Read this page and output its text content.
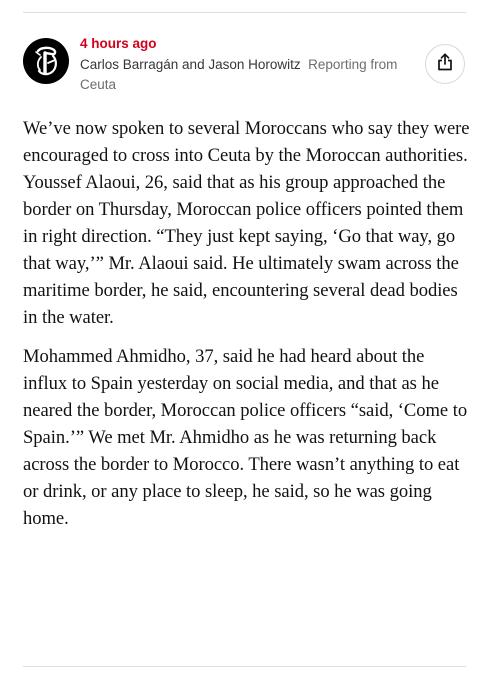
4 hours ago
Carlos Barragán and Jason Horowitz Reporting from Ceuta

We’ve now spoken to several Moroccans who say they were encouraged to cross into Ceuta by the Moroccan authorities. Youssef Alaoui, 26, said that as his group approached the border on Thursday, Moroccan police officers pointed them in right direction. “They just kept saying, ‘Go that way, go that way,’” Mr. Alaoui said. He ultimately swam across the maritime border, he said, encountering several dead bodies in the water.

Mohammed Ahmidho, 37, said he had heard about the influx to Spain yesterday on social media, and that as he neared the border, Moroccan police officers “said, ‘Come to Spain.’” We met Mr. Ahmidho as he was returning back across the border to Morocco. There wasn’t anything to eat or drink, or any place to sleep, he said, so he was going home.
